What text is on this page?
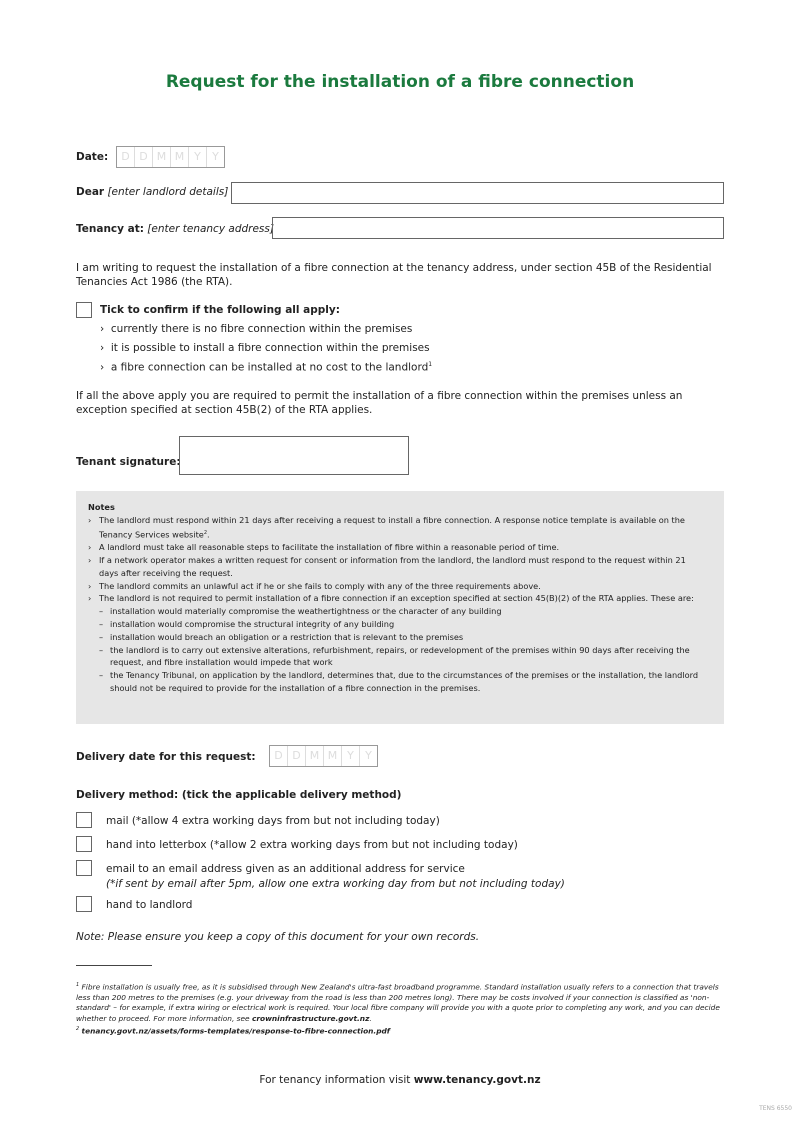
Request for the installation of a fibre connection
Date:	D D M M Y	Y
Dear [enter landlord details]
Tenancy at: [enter tenancy address]
I am writing to request the installation of a fibre connection at the tenancy address, under section 45B of the Residential Tenancies Act 1986 (the RTA).
Tick to confirm if the following all apply:
› currently there is no fibre connection within the premises
› it is possible to install a fibre connection within the premises
› a fibre connection can be installed at no cost to the landlord$^1$
If all the above apply you are required to permit the installation of a fibre connection within the premises unless an exception specified at section 45B(2) of the RTA applies.
Tenant signature:
Notes
› The landlord must respond within 21 days after receiving a request to install a fibre connection. A response notice template is available on the Tenancy Services website$^2$.
› A landlord must take all reasonable steps to facilitate the installation of fibre within a reasonable period of time.
› If a network operator makes a written request for consent or information from the landlord, the landlord must respond to the request within 21 days after receiving the request.
› The landlord commits an unlawful act if he or she fails to comply with any of the three requirements above.
› The landlord is not required to permit installation of a fibre connection if an exception specified at section 45(B)(2) of the RTA applies. These are:
– installation would materially compromise the weathertightness or the character of any building
– installation would compromise the structural integrity of any building
– installation would breach an obligation or a restriction that is relevant to the premises
– the landlord is to carry out extensive alterations, refurbishment, repairs, or redevelopment of the premises within 90 days after receiving the request, and fibre installation would impede that work
– the Tenancy Tribunal, on application by the landlord, determines that, due to the circumstances of the premises or the installation, the landlord should not be required to provide for the installation of a fibre connection in the premises.
Delivery date for this request:	D D M M Y	Y
Delivery method: (tick the applicable delivery method)
mail (*allow 4 extra working days from but not including today)
hand into letterbox (*allow 2 extra working days from but not including today)
email to an email address given as an additional address for service
(*if sent by email after 5pm, allow one extra working day from but not including today)
hand to landlord
Note: Please ensure you keep a copy of this document for your own records.
$^1$ Fibre installation is usually free, as it is subsidised through New Zealand's ultra-fast broadband programme. Standard installation usually refers to a connection that travels less than 200 metres to the premises (e.g. your driveway from the road is less than 200 metres long). There may be costs involved if your connection is classified as 'non-standard' – for example, if extra wiring or electrical work is required. Your local fibre company will provide you with a quote prior to completing any work, and you can decide whether to proceed. For more information, see crowninfrastructure.govt.nz.
$^2$ tenancy.govt.nz/assets/forms-templates/response-to-fibre-connection.pdf
For tenancy information visit www.tenancy.govt.nz
TENS 6550
